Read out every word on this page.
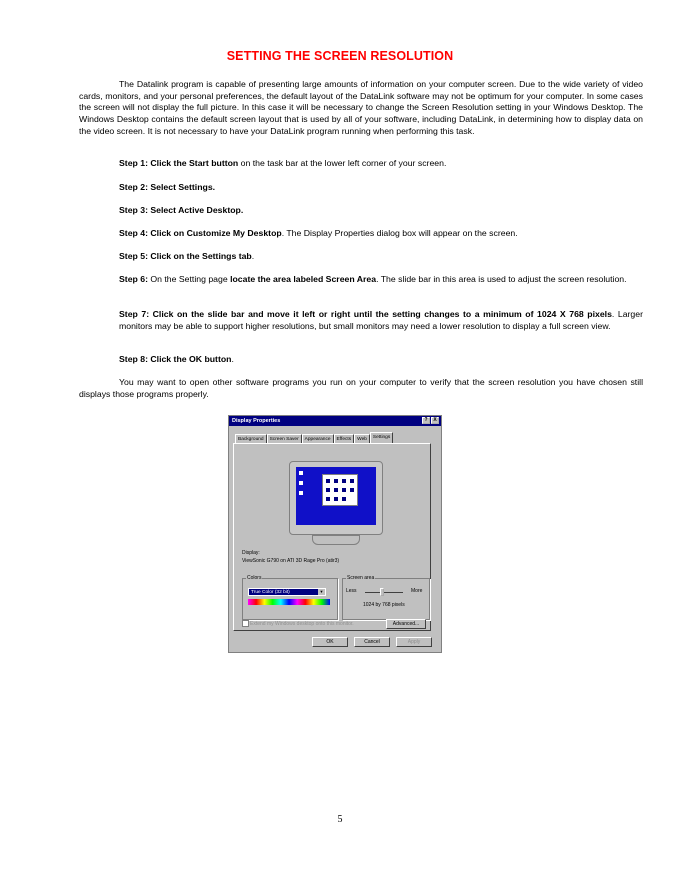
SETTING THE SCREEN RESOLUTION

The Datalink program is capable of presenting large amounts of information on your computer screen. Due to the wide variety of video cards, monitors, and your personal preferences, the default layout of the DataLink software may not be optimum for your computer. In some cases the screen will not display the full picture. In this case it will be necessary to change the Screen Resolution setting in your Windows Desktop. The Windows Desktop contains the default screen layout that is used by all of your software, including DataLink, in determining how to display data on the video screen. It is not necessary to have your DataLink program running when performing this task.

Step 1: Click the Start button on the task bar at the lower left corner of your screen.

Step 2: Select Settings.

Step 3: Select Active Desktop.

Step 4: Click on Customize My Desktop. The Display Properties dialog box will appear on the screen.

Step 5: Click on the Settings tab.

Step 6: On the Setting page locate the area labeled Screen Area. The slide bar in this area is used to adjust the screen resolution.

Step 7: Click on the slide bar and move it left or right until the setting changes to a minimum of 1024 X 768 pixels. Larger monitors may be able to support higher resolutions, but small monitors may need a lower resolution to display a full screen view.

Step 8: Click the OK button.

You may want to open other software programs you run on your computer to verify that the screen resolution you have chosen still displays those programs properly.

Display Properties	?	X
Background	Screen Saver	Appearance	Effects	Web	Settings
Display:
ViewSonic G790 on ATI 3D Rage Pro (atir3)
Colors
True Color (32 bit)	▼
Screen area
Less	More
1024 by 768 pixels
Extend my Windows desktop onto this monitor.	Advanced...
OK	Cancel	Apply
5
